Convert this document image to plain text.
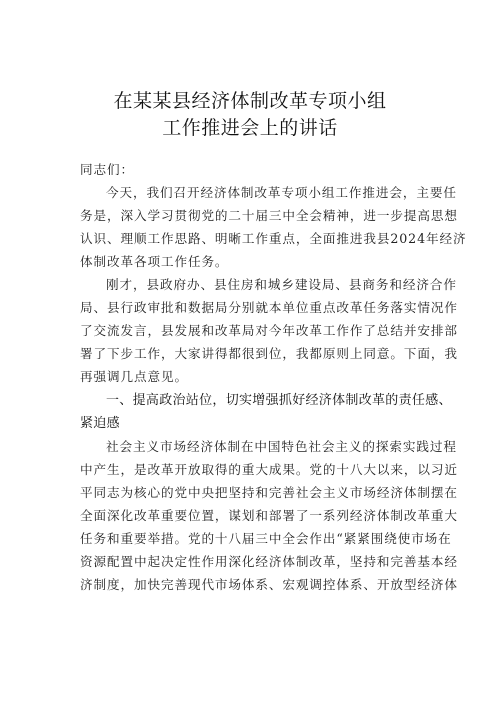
在某某县经济体制改革专项小组
工作推进会上的讲话
同志们：
今天，我们召开经济体制改革专项小组工作推进会，主要任
务是，深入学习贯彻党的二十届三中全会精神，进一步提高思想
认识、理顺工作思路、明晰工作重点，全面推进我县2024年经济
体制改革各项工作任务。
刚才，县政府办、县住房和城乡建设局、县商务和经济合作
局、县行政审批和数据局分别就本单位重点改革任务落实情况作
了交流发言，县发展和改革局对今年改革工作作了总结并安排部
署了下步工作，大家讲得都很到位，我都原则上同意。下面，我
再强调几点意见。
一、提高政治站位，切实增强抓好经济体制改革的责任感、
紧迫感
社会主义市场经济体制在中国特色社会主义的探索实践过程
中产生，是改革开放取得的重大成果。党的十八大以来，以习近
平同志为核心的党中央把坚持和完善社会主义市场经济体制摆在
全面深化改革重要位置，谋划和部署了一系列经济体制改革重大
任务和重要举措。党的十八届三中全会作出“紧紧围绕使市场在
资源配置中起决定性作用深化经济体制改革，坚持和完善基本经
济制度，加快完善现代市场体系、宏观调控体系、开放型经济体
